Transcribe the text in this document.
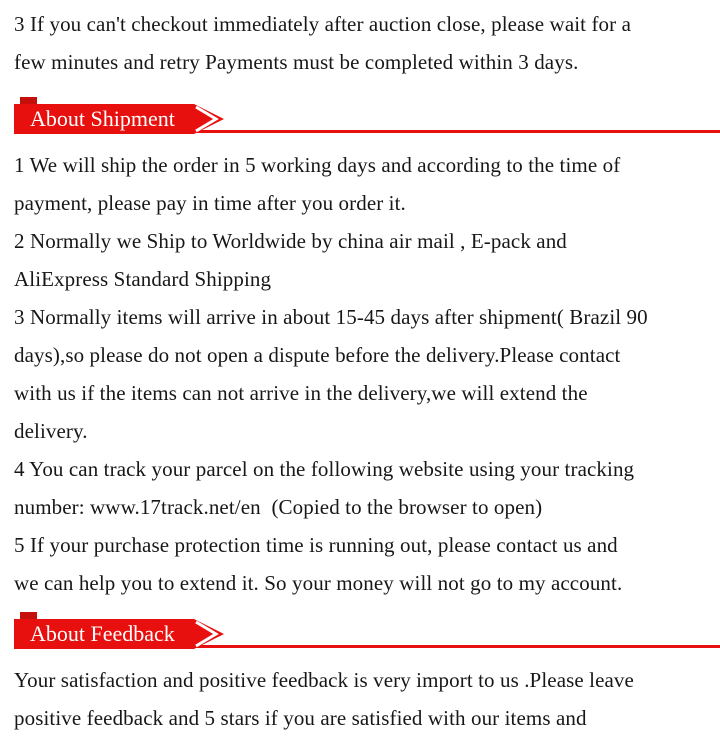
3 If you can't checkout immediately after auction close, please wait for a
few minutes and retry Payments must be completed within 3 days.
About Shipment
1 We will ship the order in 5 working days and according to the time of
payment, please pay in time after you order it.
2 Normally we Ship to Worldwide by china air mail , E-pack and
AliExpress Standard Shipping
3 Normally items will arrive in about 15-45 days after shipment( Brazil 90
days),so please do not open a dispute before the delivery.Please contact
with us if the items can not arrive in the delivery,we will extend the
delivery.
4 You can track your parcel on the following website using your tracking
number: www.17track.net/en  (Copied to the browser to open)
5 If your purchase protection time is running out, please contact us and
we can help you to extend it. So your money will not go to my account.
About Feedback
Your satisfaction and positive feedback is very import to us .Please leave
positive feedback and 5 stars if you are satisfied with our items and
